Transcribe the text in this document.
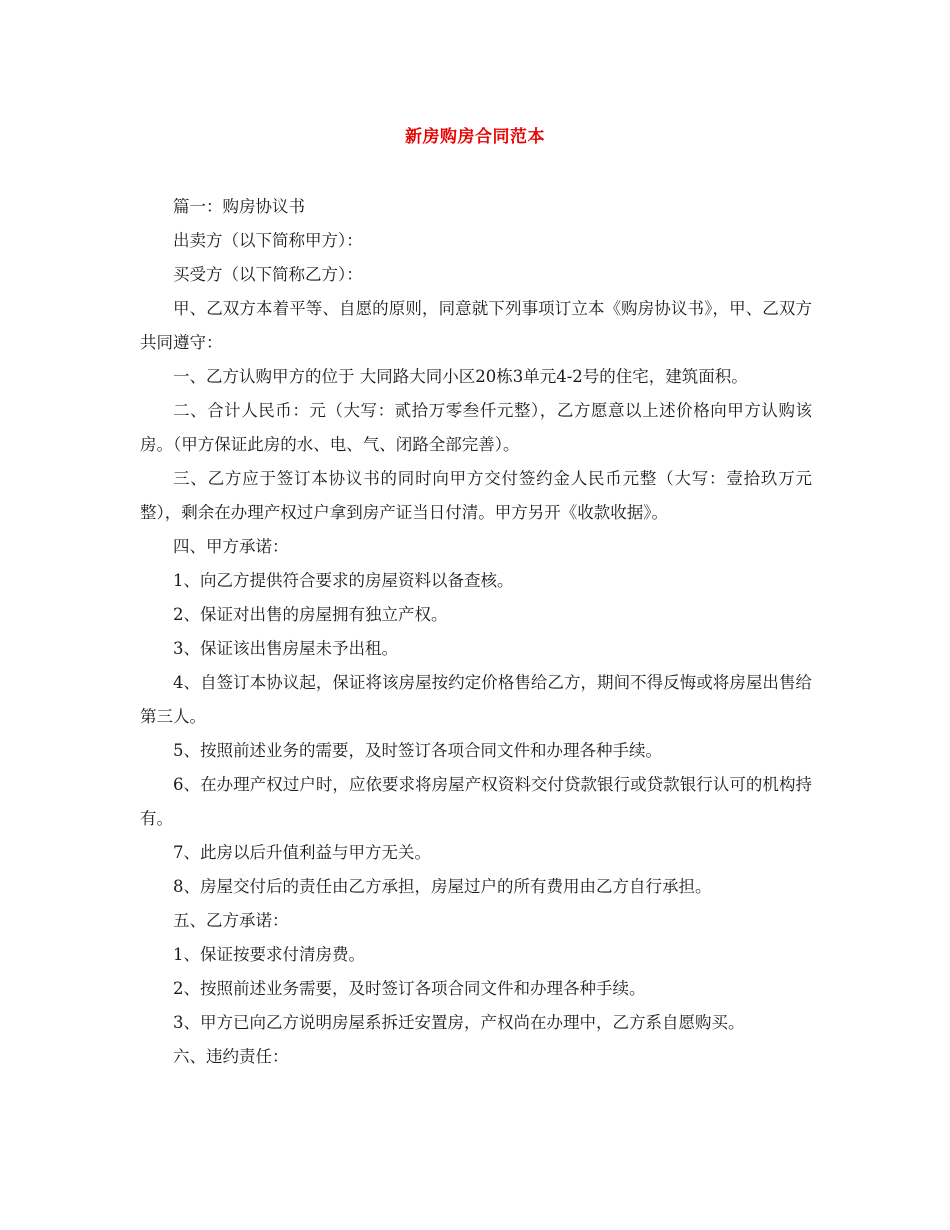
新房购房合同范本

篇一：购房协议书

出卖方（以下简称甲方）：

买受方（以下简称乙方）：

甲、乙双方本着平等、自愿的原则，同意就下列事项订立本《购房协议书》，甲、乙双方共同遵守：

一、乙方认购甲方的位于 大同路大同小区20栋3单元4-2号的住宅，建筑面积。

二、合计人民币：元（大写：贰拾万零叁仟元整），乙方愿意以上述价格向甲方认购该房。（甲方保证此房的水、电、气、闭路全部完善）。

三、乙方应于签订本协议书的同时向甲方交付签约金人民币元整（大写：壹拾玖万元整），剩余在办理产权过户拿到房产证当日付清。甲方另开《收款收据》。

四、甲方承诺：

1、向乙方提供符合要求的房屋资料以备查核。

2、保证对出售的房屋拥有独立产权。

3、保证该出售房屋未予出租。

4、自签订本协议起，保证将该房屋按约定价格售给乙方，期间不得反悔或将房屋出售给第三人。

5、按照前述业务的需要，及时签订各项合同文件和办理各种手续。

6、在办理产权过户时，应依要求将房屋产权资料交付贷款银行或贷款银行认可的机构持有。

7、此房以后升值利益与甲方无关。

8、房屋交付后的责任由乙方承担，房屋过户的所有费用由乙方自行承担。

五、乙方承诺：

1、保证按要求付清房费。

2、按照前述业务需要，及时签订各项合同文件和办理各种手续。

3、甲方已向乙方说明房屋系拆迁安置房，产权尚在办理中，乙方系自愿购买。

六、违约责任：
